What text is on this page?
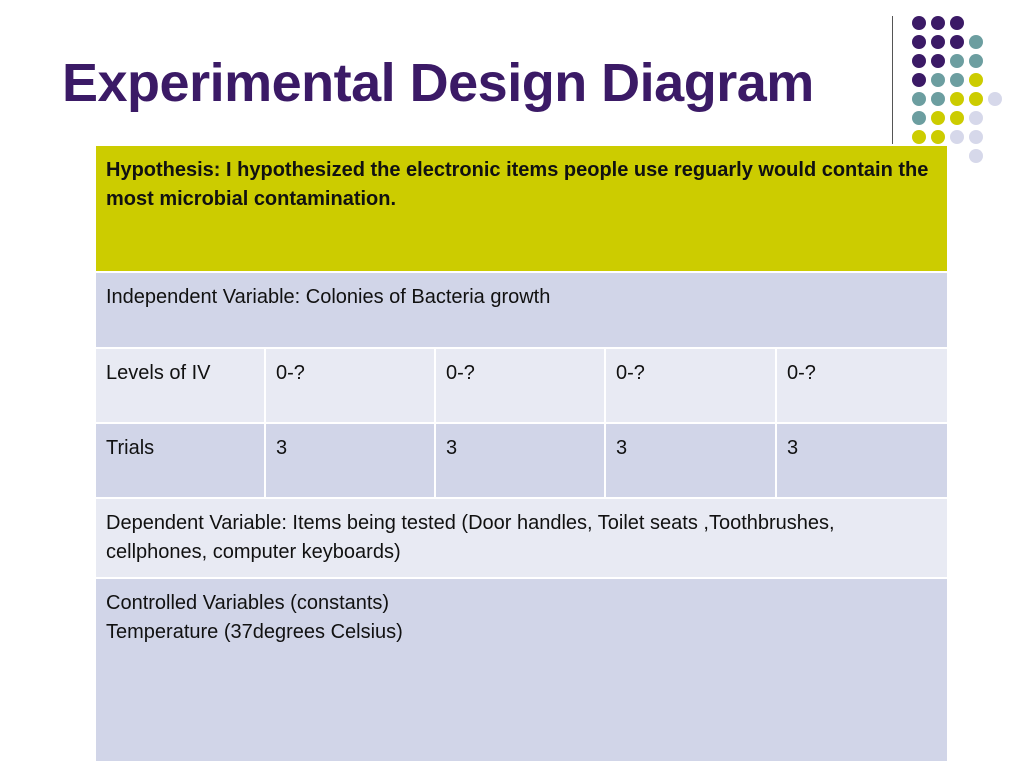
Experimental Design Diagram
Hypothesis: I hypothesized the electronic items people use reguarly would contain the most microbial contamination.				
Independent Variable: Colonies of Bacteria growth				
Levels of IV	0-?	0-?	0-?	0-?
Trials	3	3	3	3
Dependent Variable: Items being tested (Door handles, Toilet seats ,Toothbrushes, cellphones, computer keyboards)				

Controlled Variables (constants)
Temperature (37degrees Celsius)				
